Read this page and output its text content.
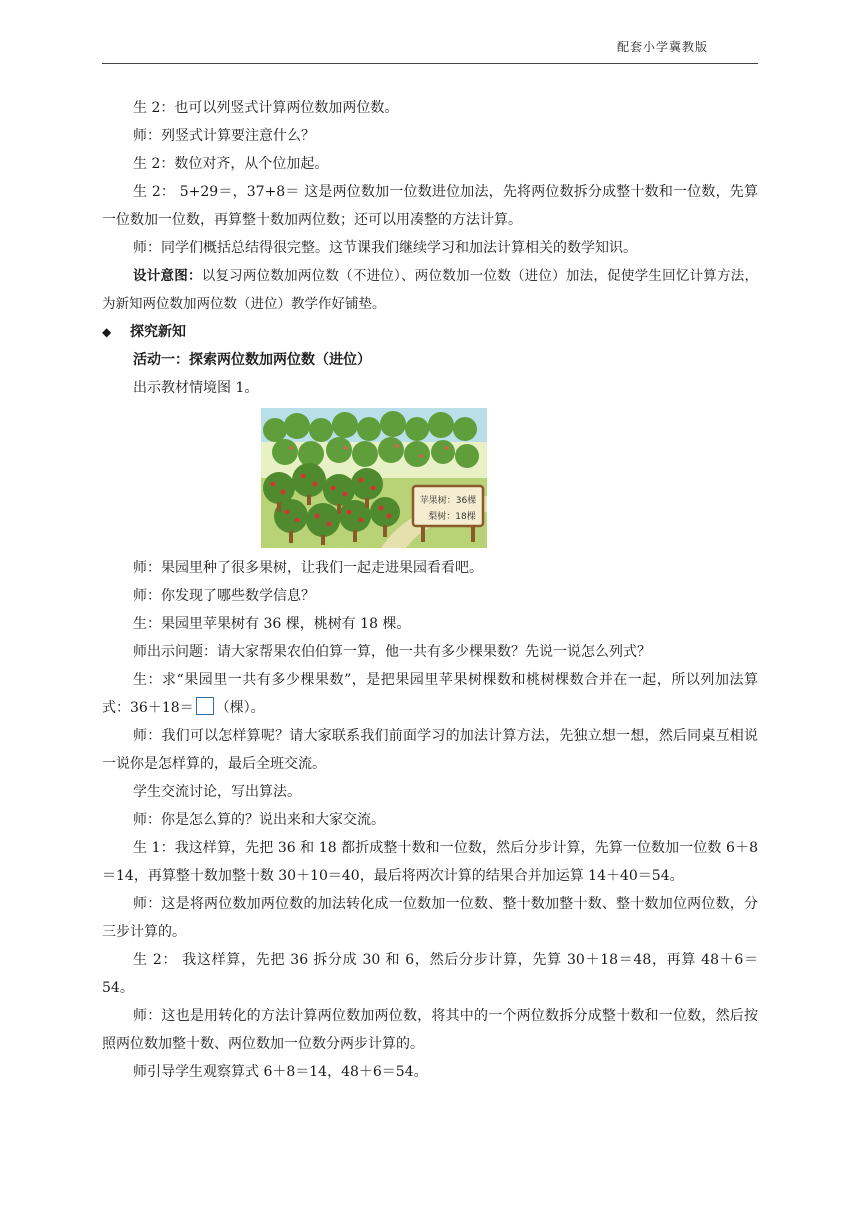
配套小学冀教版

生 2：也可以列竖式计算两位数加两位数。

师：列竖式计算要注意什么？

生 2：数位对齐，从个位加起。

生 2： 5+29＝，37+8＝ 这是两位数加一位数进位加法，先将两位数拆分成整十数和一位数，先算一位数加一位数，再算整十数加两位数；还可以用凑整的方法计算。

师：同学们概括总结得很完整。这节课我们继续学习和加法计算相关的数学知识。

设计意图：以复习两位数加两位数（不进位）、两位数加一位数（进位）加法，促使学生回忆计算方法，为新知两位数加两位数（进位）教学作好铺垫。

◆ 探究新知

活动一：探索两位数加两位数（进位）

出示教材情境图 1。

苹果树：36棵
梨树：18棵

师：果园里种了很多果树，让我们一起走进果园看看吧。

师：你发现了哪些数学信息？

生：果园里苹果树有 36 棵，桃树有 18 棵。

师出示问题：请大家帮果农伯伯算一算，他一共有多少棵果数？先说一说怎么列式？

生：求“果园里一共有多少棵果数”，是把果园里苹果树棵数和桃树棵数合并在一起，所以列加法算式：36＋18＝ （棵）。

师：我们可以怎样算呢？请大家联系我们前面学习的加法计算方法，先独立想一想，然后同桌互相说一说你是怎样算的，最后全班交流。

学生交流讨论，写出算法。

师：你是怎么算的？说出来和大家交流。

生 1：我这样算，先把 36 和 18 都折成整十数和一位数，然后分步计算，先算一位数加一位数 6＋8＝14，再算整十数加整十数 30＋10＝40，最后将两次计算的结果合并加运算 14＋40＝54。

师：这是将两位数加两位数的加法转化成一位数加一位数、整十数加整十数、整十数加位两位数，分三步计算的。

生 2： 我这样算，先把 36 拆分成 30 和 6，然后分步计算，先算 30＋18＝48，再算 48＋6＝54。

师：这也是用转化的方法计算两位数加两位数，将其中的一个两位数拆分成整十数和一位数，然后按照两位数加整十数、两位数加一位数分两步计算的。

师引导学生观察算式 6＋8＝14，48＋6＝54。
